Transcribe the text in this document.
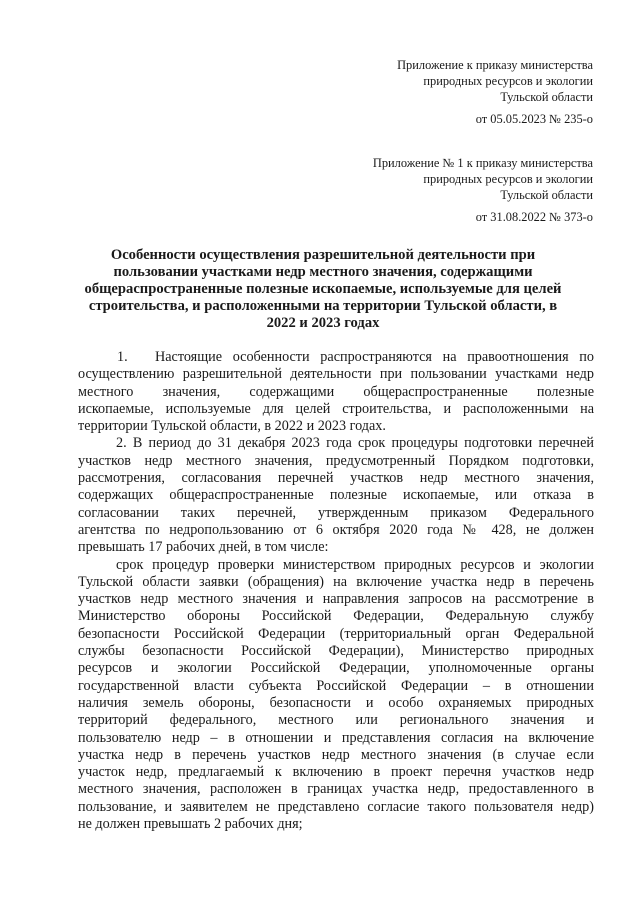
Приложение к приказу министерства
природных ресурсов и экологии
Тульской области
от 05.05.2023 № 235-о
Приложение № 1 к приказу министерства
природных ресурсов и экологии
Тульской области
от 31.08.2022 № 373-о
Особенности осуществления разрешительной деятельности при
пользовании участками недр местного значения, содержащими
общераспространенные полезные ископаемые, используемые для целей
строительства, и расположенными на территории Тульской области, в
2022 и 2023 годах
1. Настоящие особенности распространяются на правоотношения по
осуществлению разрешительной деятельности при пользовании участками недр
местного значения, содержащими общераспространенные полезные
ископаемые, используемые для целей строительства, и расположенными на
территории Тульской области, в 2022 и 2023 годах.
2. В период до 31 декабря 2023 года срок процедуры подготовки перечней
участков недр местного значения, предусмотренный Порядком подготовки,
рассмотрения, согласования перечней участков недр местного значения,
содержащих общераспространенные полезные ископаемые, или отказа в
согласовании таких перечней, утвержденным приказом Федерального
агентства по недропользованию от 6 октября 2020 года № 428, не должен
превышать 17 рабочих дней, в том числе:
срок процедур проверки министерством природных ресурсов и экологии
Тульской области заявки (обращения) на включение участка недр в перечень
участков недр местного значения и направления запросов на рассмотрение в
Министерство обороны Российской Федерации, Федеральную службу
безопасности Российской Федерации (территориальный орган Федеральной
службы безопасности Российской Федерации), Министерство природных
ресурсов и экологии Российской Федерации, уполномоченные органы
государственной власти субъекта Российской Федерации – в отношении
наличия земель обороны, безопасности и особо охраняемых природных
территорий федерального, местного или регионального значения и
пользователю недр – в отношении и представления согласия на включение
участка недр в перечень участков недр местного значения (в случае если
участок недр, предлагаемый к включению в проект перечня участков недр
местного значения, расположен в границах участка недр, предоставленного в
пользование, и заявителем не представлено согласие такого пользователя недр)
не должен превышать 2 рабочих дня;
